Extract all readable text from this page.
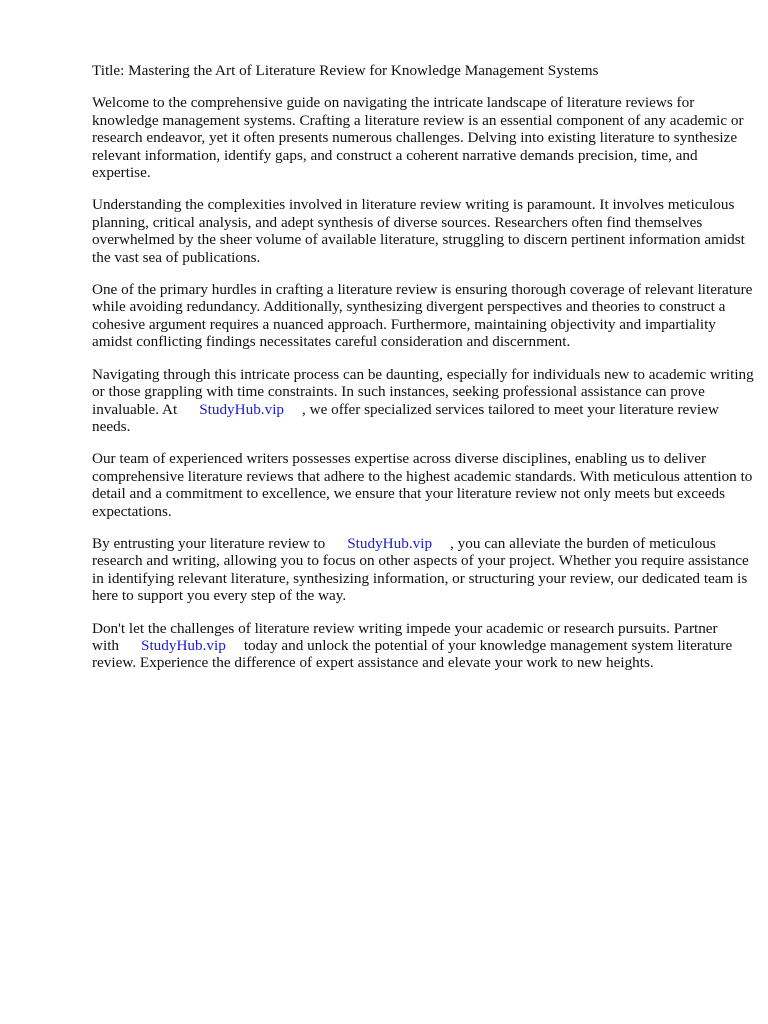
Title: Mastering the Art of Literature Review for Knowledge Management Systems

Welcome to the comprehensive guide on navigating the intricate landscape of literature reviews for knowledge management systems. Crafting a literature review is an essential component of any academic or research endeavor, yet it often presents numerous challenges. Delving into existing literature to synthesize relevant information, identify gaps, and construct a coherent narrative demands precision, time, and expertise.

Understanding the complexities involved in literature review writing is paramount. It involves meticulous planning, critical analysis, and adept synthesis of diverse sources. Researchers often find themselves overwhelmed by the sheer volume of available literature, struggling to discern pertinent information amidst the vast sea of publications.

One of the primary hurdles in crafting a literature review is ensuring thorough coverage of relevant literature while avoiding redundancy. Additionally, synthesizing divergent perspectives and theories to construct a cohesive argument requires a nuanced approach. Furthermore, maintaining objectivity and impartiality amidst conflicting findings necessitates careful consideration and discernment.

Navigating through this intricate process can be daunting, especially for individuals new to academic writing or those grappling with time constraints. In such instances, seeking professional assistance can prove invaluable. At StudyHub.vip , we offer specialized services tailored to meet your literature review needs.

Our team of experienced writers possesses expertise across diverse disciplines, enabling us to deliver comprehensive literature reviews that adhere to the highest academic standards. With meticulous attention to detail and a commitment to excellence, we ensure that your literature review not only meets but exceeds expectations.

By entrusting your literature review to StudyHub.vip , you can alleviate the burden of meticulous research and writing, allowing you to focus on other aspects of your project. Whether you require assistance in identifying relevant literature, synthesizing information, or structuring your review, our dedicated team is here to support you every step of the way.

Don't let the challenges of literature review writing impede your academic or research pursuits. Partner with StudyHub.vip today and unlock the potential of your knowledge management system literature review. Experience the difference of expert assistance and elevate your work to new heights.
